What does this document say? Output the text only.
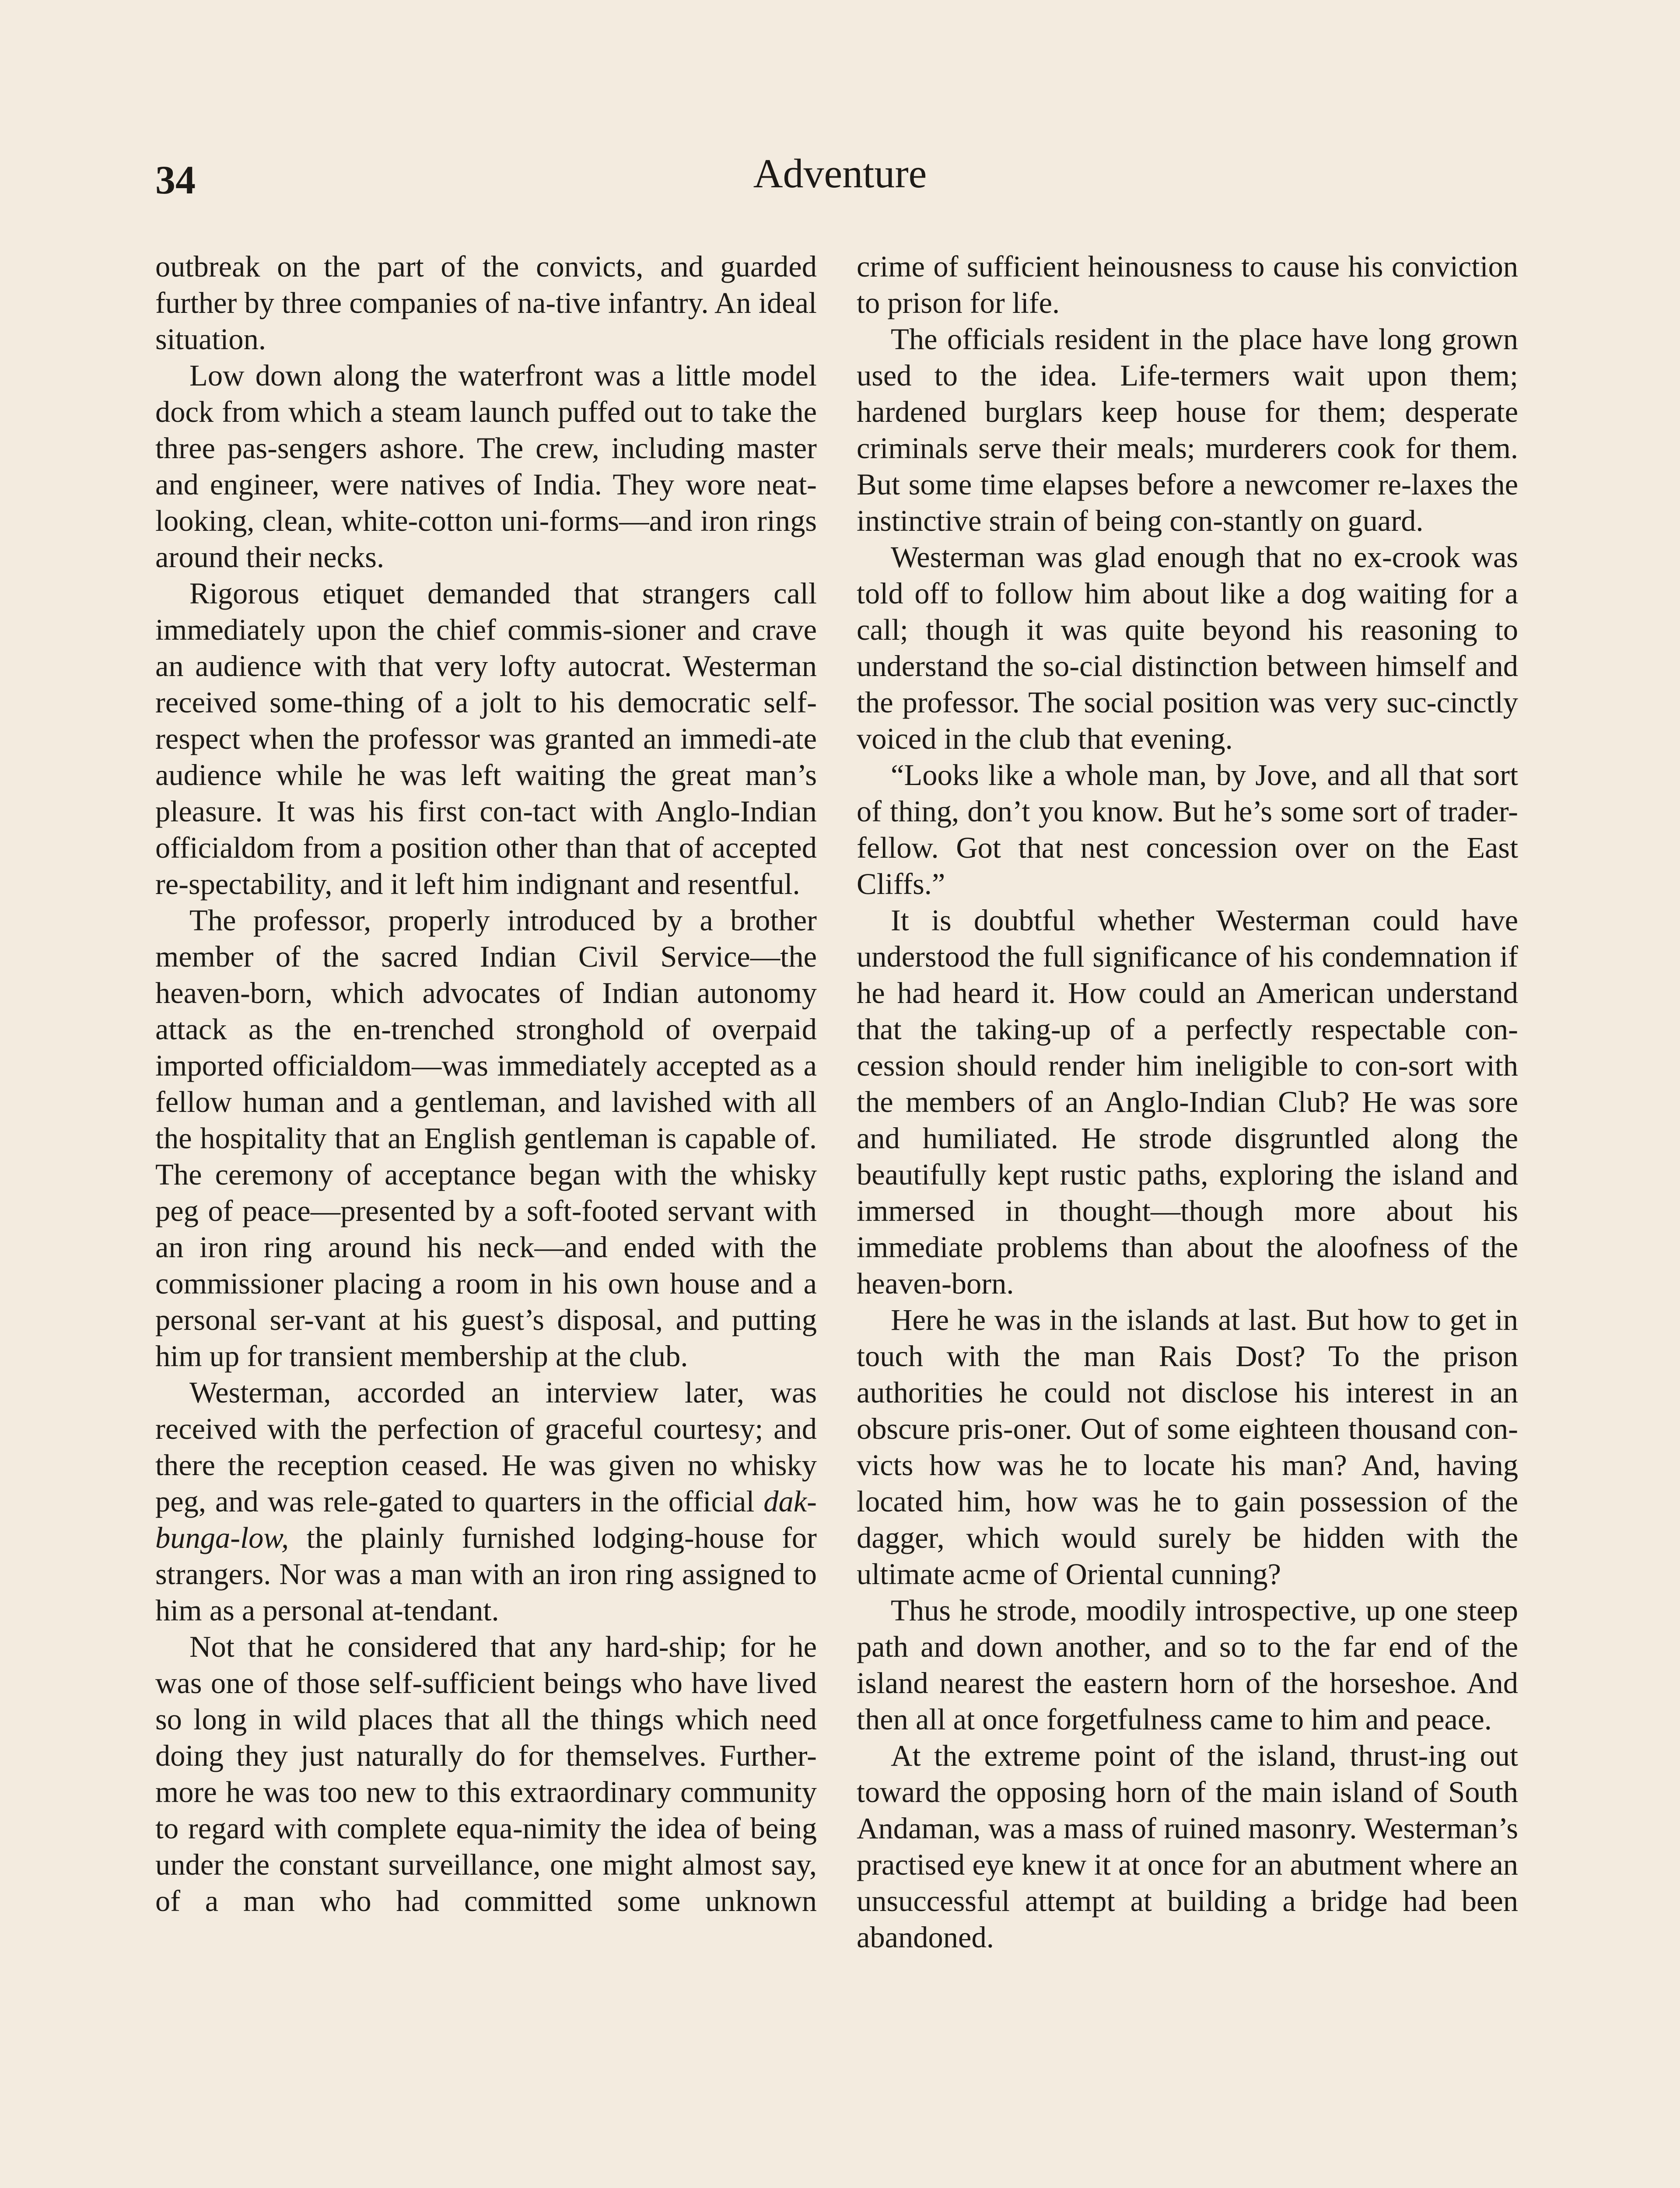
34	Adventure

outbreak on the part of the convicts, and guarded further by three companies of na-tive infantry. An ideal situation.

Low down along the waterfront was a little model dock from which a steam launch puffed out to take the three pas-sengers ashore. The crew, including master and engineer, were natives of India. They wore neat-looking, clean, white-cotton uni-forms—and iron rings around their necks.

Rigorous etiquet demanded that strangers call immediately upon the chief commis-sioner and crave an audience with that very lofty autocrat. Westerman received some-thing of a jolt to his democratic self-respect when the professor was granted an immedi-ate audience while he was left waiting the great man’s pleasure. It was his first con-tact with Anglo-Indian officialdom from a position other than that of accepted re-spectability, and it left him indignant and resentful.

The professor, properly introduced by a brother member of the sacred Indian Civil Service—the heaven-born, which advocates of Indian autonomy attack as the en-trenched stronghold of overpaid imported officialdom—was immediately accepted as a fellow human and a gentleman, and lavished with all the hospitality that an English gentleman is capable of. The ceremony of acceptance began with the whisky peg of peace—presented by a soft-footed servant with an iron ring around his neck—and ended with the commissioner placing a room in his own house and a personal ser-vant at his guest’s disposal, and putting him up for transient membership at the club.

Westerman, accorded an interview later, was received with the perfection of graceful courtesy; and there the reception ceased. He was given no whisky peg, and was rele-gated to quarters in the official dak-bunga-low, the plainly furnished lodging-house for strangers. Nor was a man with an iron ring assigned to him as a personal at-tendant.

Not that he considered that any hard-ship; for he was one of those self-sufficient beings who have lived so long in wild places that all the things which need doing they just naturally do for themselves. Further-more he was too new to this extraordinary community to regard with complete equa-nimity the idea of being under the constant surveillance, one might almost say, of a man who had committed some unknown

crime of sufficient heinousness to cause his conviction to prison for life.

The officials resident in the place have long grown used to the idea. Life-termers wait upon them; hardened burglars keep house for them; desperate criminals serve their meals; murderers cook for them. But some time elapses before a newcomer re-laxes the instinctive strain of being con-stantly on guard.

Westerman was glad enough that no ex-crook was told off to follow him about like a dog waiting for a call; though it was quite beyond his reasoning to understand the so-cial distinction between himself and the professor. The social position was very suc-cinctly voiced in the club that evening.

“Looks like a whole man, by Jove, and all that sort of thing, don’t you know. But he’s some sort of trader-fellow. Got that nest concession over on the East Cliffs.”

It is doubtful whether Westerman could have understood the full significance of his condemnation if he had heard it. How could an American understand that the taking-up of a perfectly respectable con-cession should render him ineligible to con-sort with the members of an Anglo-Indian Club? He was sore and humiliated. He strode disgruntled along the beautifully kept rustic paths, exploring the island and immersed in thought—though more about his immediate problems than about the aloofness of the heaven-born.

Here he was in the islands at last. But how to get in touch with the man Rais Dost? To the prison authorities he could not disclose his interest in an obscure pris-oner. Out of some eighteen thousand con-victs how was he to locate his man? And, having located him, how was he to gain possession of the dagger, which would surely be hidden with the ultimate acme of Oriental cunning?

Thus he strode, moodily introspective, up one steep path and down another, and so to the far end of the island nearest the eastern horn of the horseshoe. And then all at once forgetfulness came to him and peace.

At the extreme point of the island, thrust-ing out toward the opposing horn of the main island of South Andaman, was a mass of ruined masonry. Westerman’s practised eye knew it at once for an abutment where an unsuccessful attempt at building a bridge had been abandoned.
